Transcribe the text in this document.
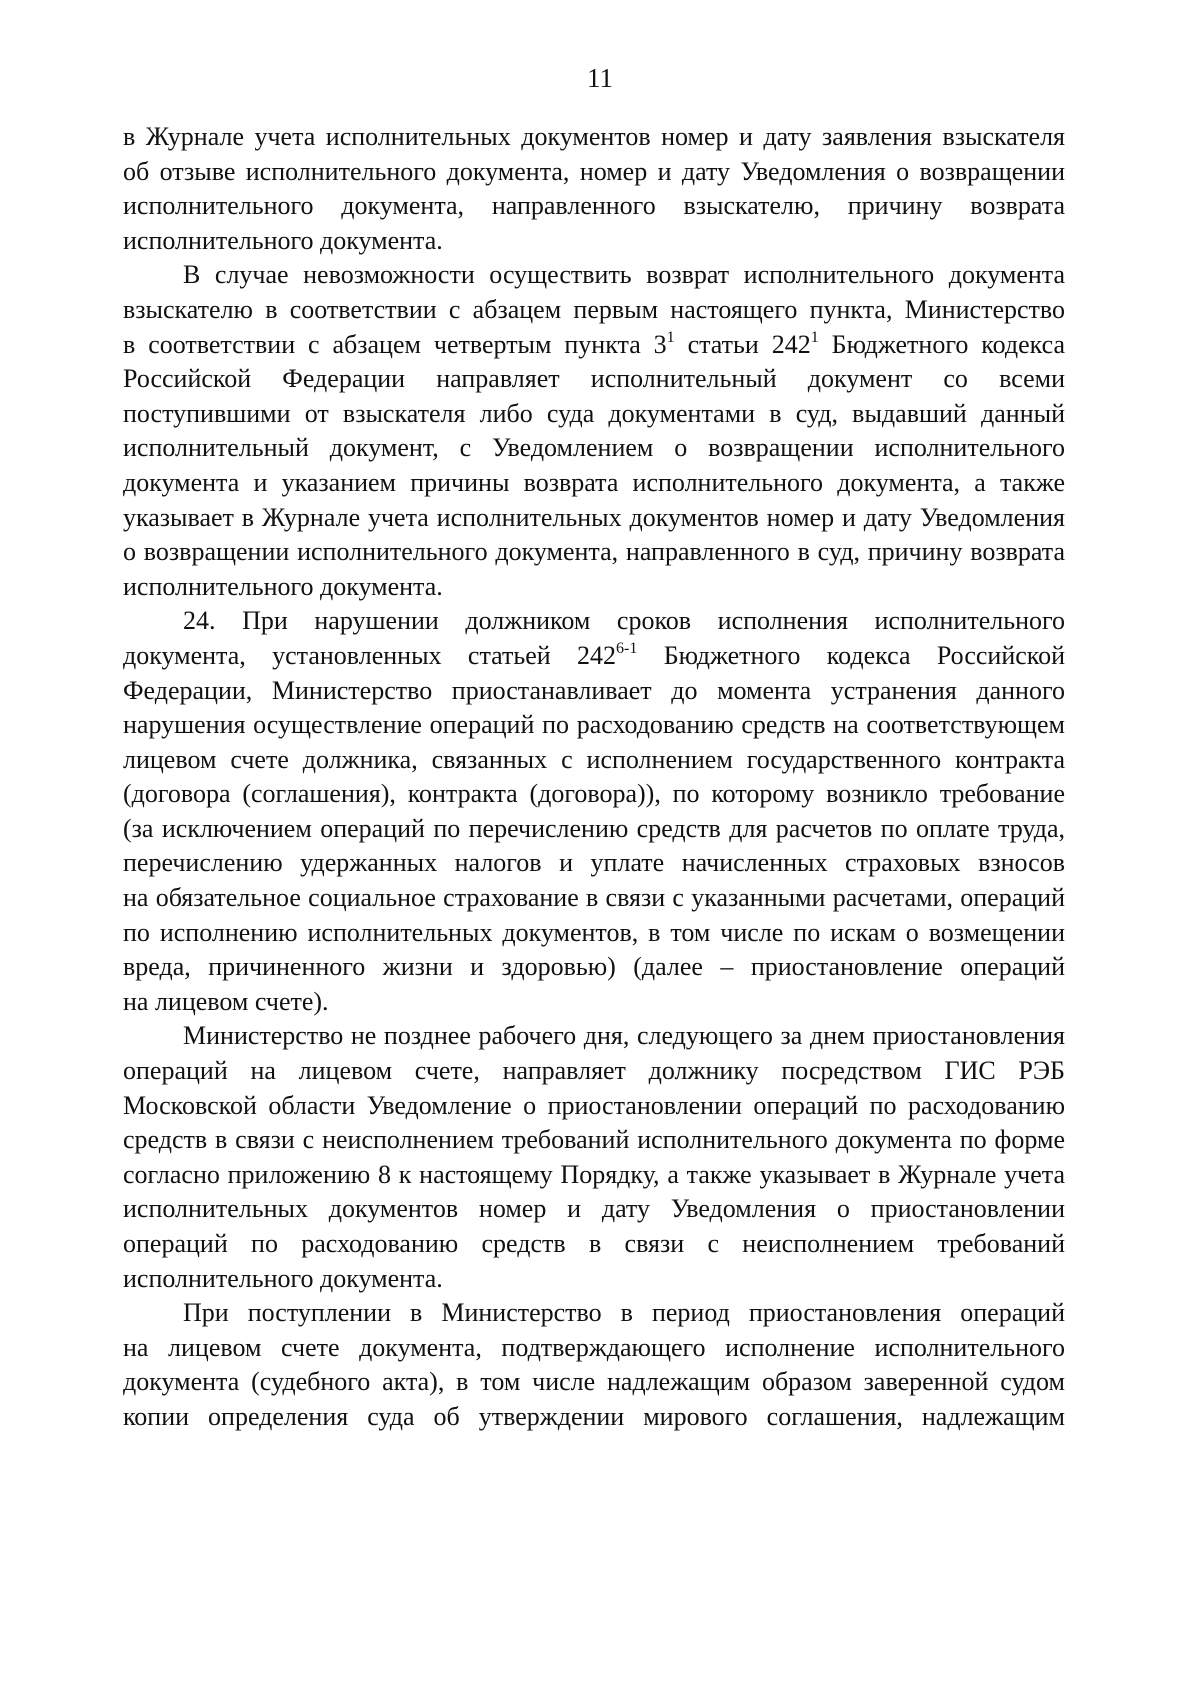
11
в Журнале учета исполнительных документов номер и дату заявления взыскателя
об отзыве исполнительного документа, номер и дату Уведомления о возвращении
исполнительного документа, направленного взыскателю, причину возврата
исполнительного документа.
В случае невозможности осуществить возврат исполнительного документа
взыскателю в соответствии с абзацем первым настоящего пункта, Министерство
в соответствии с абзацем четвертым пункта $3^1$ статьи $242^1$ Бюджетного кодекса
Российской Федерации направляет исполнительный документ со всеми
поступившими от взыскателя либо суда документами в суд, выдавший данный
исполнительный документ, с Уведомлением о возвращении исполнительного
документа и указанием причины возврата исполнительного документа, а также
указывает в Журнале учета исполнительных документов номер и дату Уведомления
о возвращении исполнительного документа, направленного в суд, причину возврата
исполнительного документа.
24. При нарушении должником сроков исполнения исполнительного
документа, установленных статьей 242$^{6-1}$ Бюджетного кодекса Российской
Федерации, Министерство приостанавливает до момента устранения данного
нарушения осуществление операций по расходованию средств на соответствующем
лицевом счете должника, связанных с исполнением государственного контракта
(договора (соглашения), контракта (договора)), по которому возникло требование
(за исключением операций по перечислению средств для расчетов по оплате труда,
перечислению удержанных налогов и уплате начисленных страховых взносов
на обязательное социальное страхование в связи с указанными расчетами, операций
по исполнению исполнительных документов, в том числе по искам о возмещении
вреда, причиненного жизни и здоровью) (далее – приостановление операций
на лицевом счете).
Министерство не позднее рабочего дня, следующего за днем приостановления
операций на лицевом счете, направляет должнику посредством ГИС РЭБ
Московской области Уведомление о приостановлении операций по расходованию
средств в связи с неисполнением требований исполнительного документа по форме
согласно приложению 8 к настоящему Порядку, а также указывает в Журнале учета
исполнительных документов номер и дату Уведомления о приостановлении
операций по расходованию средств в связи с неисполнением требований
исполнительного документа.
При поступлении в Министерство в период приостановления операций
на лицевом счете документа, подтверждающего исполнение исполнительного
документа (судебного акта), в том числе надлежащим образом заверенной судом
копии определения суда об утверждении мирового соглашения, надлежащим
